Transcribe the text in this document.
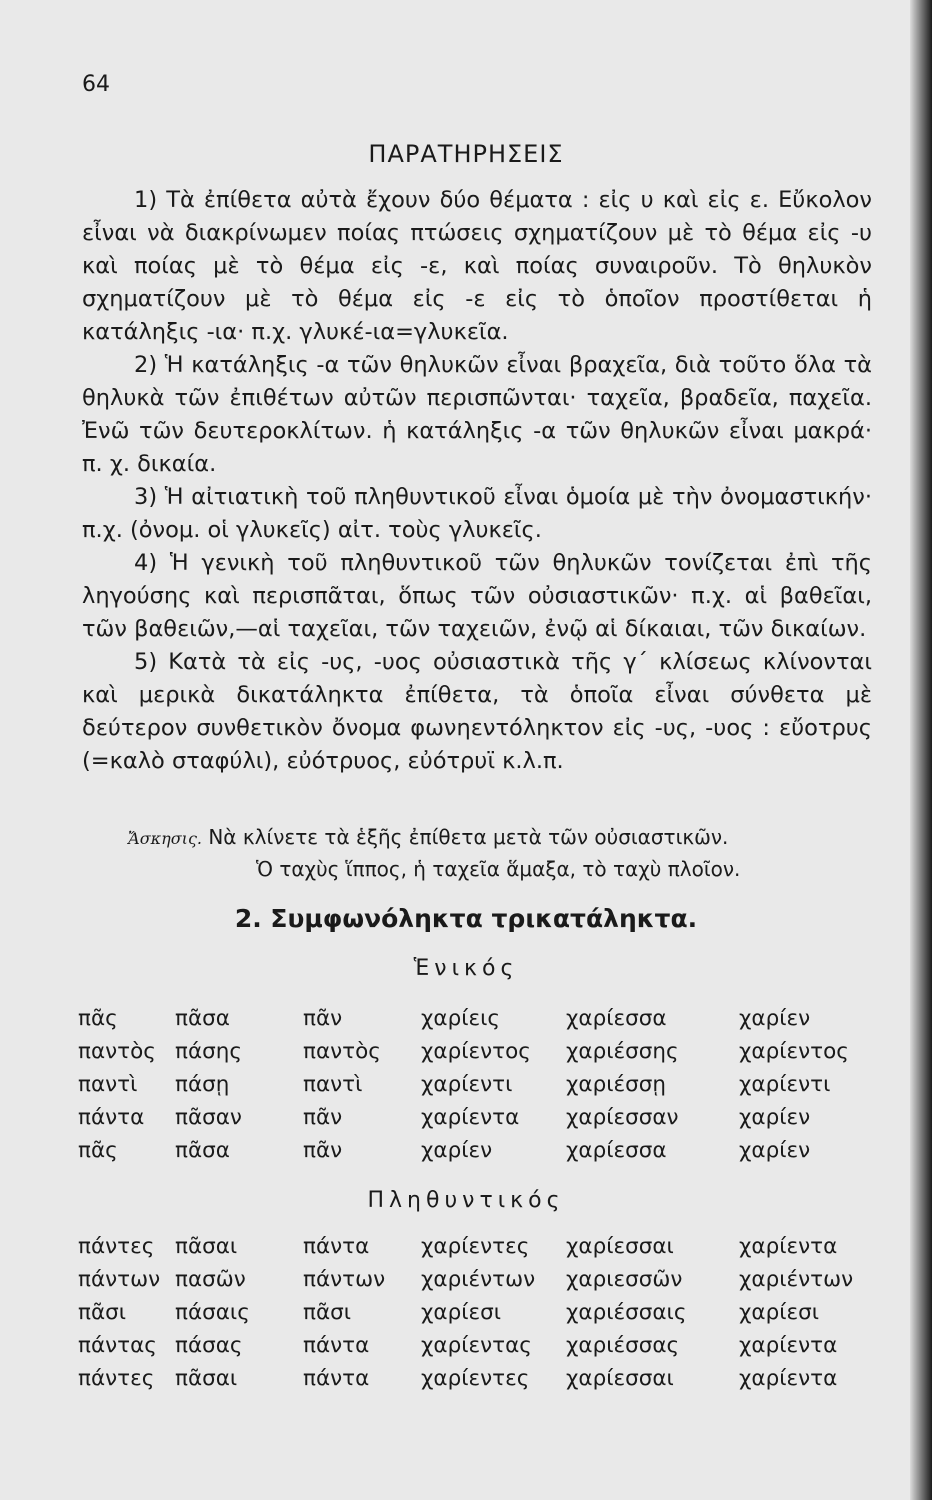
64
ΠΑΡΑΤΗΡΗΣΕΙΣ

1) Τὰ ἐπίθετα αὐτὰ ἔχουν δύο θέματα : εἰς υ καὶ εἰς ε. Εὔκολον εἶναι νὰ διακρίνωμεν ποίας πτώσεις σχηματίζουν μὲ τὸ θέμα εἰς -υ καὶ ποίας μὲ τὸ θέμα εἰς -ε, καὶ ποίας συναιροῦν. Τὸ θηλυκὸν σχηματίζουν μὲ τὸ θέμα εἰς -ε εἰς τὸ ὁποῖον προστίθεται ἡ κατάληξις -ια· π.χ. γλυκέ-ια=γλυκεῖα.

2) Ἡ κατάληξις -α τῶν θηλυκῶν εἶναι βραχεῖα, διὰ τοῦτο ὅλα τὰ θηλυκὰ τῶν ἐπιθέτων αὐτῶν περισπῶνται· ταχεῖα, βραδεῖα, παχεῖα. Ἐνῶ τῶν δευτεροκλίτων. ἡ κατάληξις -α τῶν θηλυκῶν εἶναι μακρά· π. χ. δικαία.

3) Ἡ αἰτιατικὴ τοῦ πληθυντικοῦ εἶναι ὁμοία μὲ τὴν ὀνομαστικήν· π.χ. (ὀνομ. οἱ γλυκεῖς) αἰτ. τοὺς γλυκεῖς.

4) Ἡ γενικὴ τοῦ πληθυντικοῦ τῶν θηλυκῶν τονίζεται ἐπὶ τῆς ληγούσης καὶ περισπᾶται, ὅπως τῶν οὐσιαστικῶν· π.χ. αἱ βαθεῖαι, τῶν βαθειῶν,—αἱ ταχεῖαι, τῶν ταχειῶν, ἐνῷ αἱ δίκαιαι, τῶν δικαίων.

5) Κατὰ τὰ εἰς -υς, -υος οὐσιαστικὰ τῆς γ΄ κλίσεως κλίνονται καὶ μερικὰ δικατάληκτα ἐπίθετα, τὰ ὁποῖα εἶναι σύνθετα μὲ δεύτερον συνθετικὸν ὄνομα φωνηεντόληκτον εἰς -υς, -υος : εὔοτρυς (=καλὸ σταφύλι), εὐότρυος, εὐότρυϊ κ.λ.π.

Ἄσκησις. Νὰ κλίνετε τὰ ἑξῆς ἐπίθετα μετὰ τῶν οὐσιαστικῶν.
Ὁ ταχὺς ἵππος, ἡ ταχεῖα ἅμαξα, τὸ ταχὺ πλοῖον.
2. Συμφωνόληκτα τρικατάληκτα.
Ἑνικός
πᾶς	πᾶσα	πᾶν	χαρίεις	χαρίεσσα	χαρίεν
παντὸς	πάσης	παντὸς	χαρίεντος	χαριέσσης	χαρίεντος
παντὶ	πάσῃ	παντὶ	χαρίεντι	χαριέσσῃ	χαρίεντι
πάντα	πᾶσαν	πᾶν	χαρίεντα	χαρίεσσαν	χαρίεν
πᾶς	πᾶσα	πᾶν	χαρίεν	χαρίεσσα	χαρίεν
Πληθυντικός
πάντες	πᾶσαι	πάντα	χαρίεντες	χαρίεσσαι	χαρίεντα
πάντων	πασῶν	πάντων	χαριέντων	χαριεσσῶν	χαριέντων
πᾶσι	πάσαις	πᾶσι	χαρίεσι	χαριέσσαις	χαρίεσι
πάντας	πάσας	πάντα	χαρίεντας	χαριέσσας	χαρίεντα
πάντες	πᾶσαι	πάντα	χαρίεντες	χαρίεσσαι	χαρίεντα
